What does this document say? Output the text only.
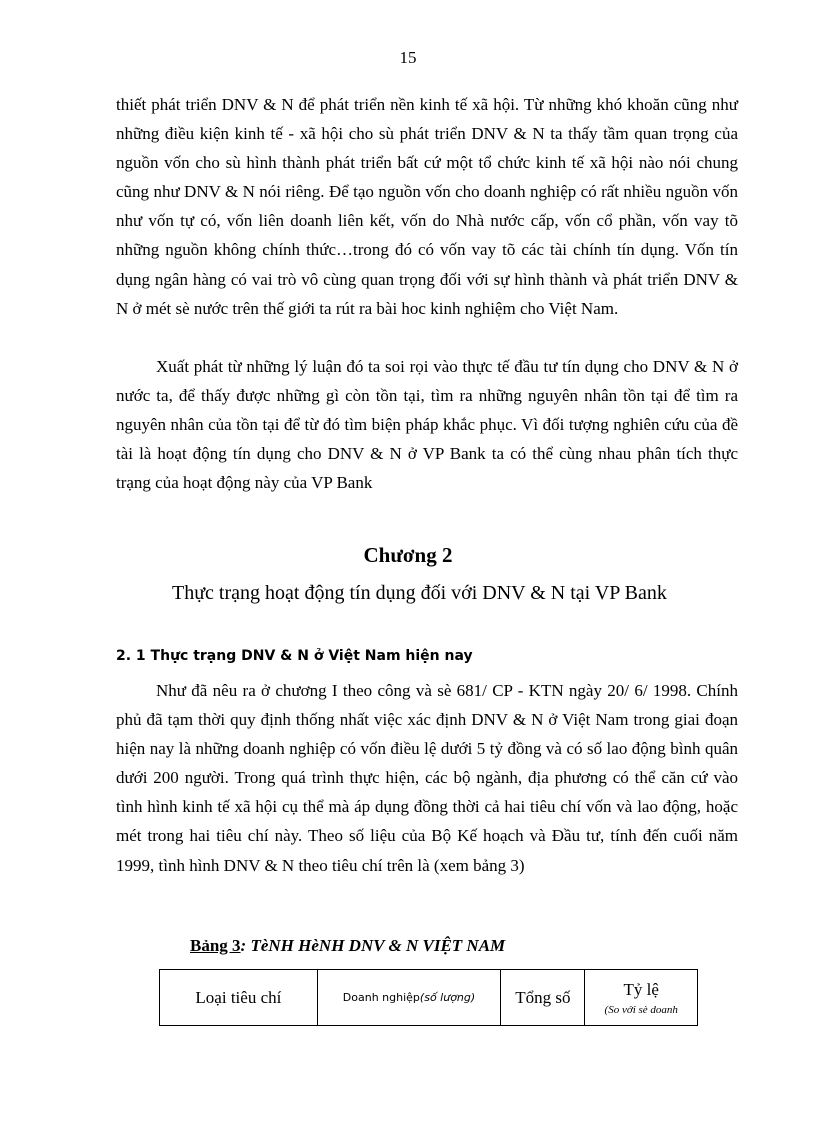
15

thiết phát triển DNV & N để phát triển nền kinh tế xã hội. Từ những khó khoăn cũng như những điều kiện kinh tế - xã hội cho sù phát triển DNV & N ta thấy tầm quan trọng của nguồn vốn cho sù hình thành phát triển bất cứ một tổ chức kinh tế xã hội nào nói chung cũng như DNV & N nói riêng. Để tạo nguồn vốn cho doanh nghiệp có rất nhiều nguồn vốn như vốn tự có, vốn liên doanh liên kết, vốn do Nhà nước cấp, vốn cổ phần, vốn vay tõ những nguồn không chính thức…trong đó có vốn vay tõ các tài chính tín dụng. Vốn tín dụng ngân hàng có vai trò vô cùng quan trọng đối với sự hình thành và phát triển DNV & N ở mét sè nước trên thế giới ta rút ra bài hoc kinh nghiệm cho Việt Nam.

Xuất phát từ những lý luận đó ta soi rọi vào thực tế đầu tư tín dụng cho DNV & N ở nước ta, để thấy được những gì còn tồn tại, tìm ra những nguyên nhân tồn tại để tìm ra nguyên nhân của tồn tại để từ đó tìm biện pháp khắc phục. Vì đối tượng nghiên cứu của đề tài là hoạt động tín dụng cho DNV & N ở VP Bank ta có thể cùng nhau phân tích thực trạng của hoạt động này của VP Bank

Chương 2
Thực trạng hoạt động tín dụng đối với DNV & N tại VP Bank
2. 1 Thực trạng DNV & N ở Việt Nam hiện nay

Như đã nêu ra ở chương I theo công và sè 681/ CP - KTN ngày 20/ 6/ 1998. Chính phủ đã tạm thời quy định thống nhất việc xác định DNV & N ở Việt Nam trong giai đoạn hiện nay là những doanh nghiệp có vốn điều lệ dưới 5 tỷ đồng và có số lao động bình quân dưới 200 người. Trong quá trình thực hiện, các bộ ngành, địa phương có thể căn cứ vào tình hình kinh tế xã hội cụ thể mà áp dụng đồng thời cả hai tiêu chí vốn và lao động, hoặc mét trong hai tiêu chí này. Theo số liệu của Bộ Kế hoạch và Đầu tư, tính đến cuối năm 1999, tình hình DNV & N theo tiêu chí trên là (xem bảng 3)

Bảng 3: TèNH HèNH DNV & N VIỆT NAM
Loại tiêu chí	Doanh nghiệp(số lượng)	Tổng số	Tỷ lệ
(So với sè doanh
